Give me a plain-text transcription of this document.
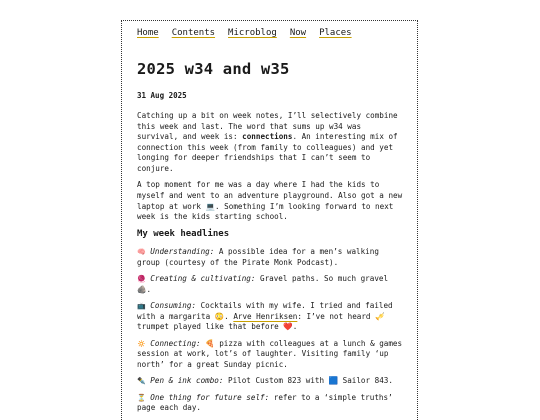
Home Contents Microblog Now Places
2025 w34 and w35
31 Aug 2025

Catching up a bit on week notes, I’ll selectively combine this week and last. The word that sums up w34 was survival, and week is: connections. An interesting mix of connection this week (from family to colleagues) and yet longing for deeper friendships that I can’t seem to conjure.

A top moment for me was a day where I had the kids to myself and went to an adventure playground. Also got a new laptop at work 💻. Something I’m looking forward to next week is the kids starting school.

My week headlines

🧠 Understanding: A possible idea for a men’s walking group (courtesy of the Pirate Monk Podcast).

🧶 Creating & cultivating: Gravel paths. So much gravel 🪨.

📺 Consuming: Cocktails with my wife. I tried and failed with a margarita 😳. Arve Henriksen: I’ve not heard 🎺 trumpet played like that before ❤️.

🔅 Connecting: 🍕 pizza with colleagues at a lunch & games session at work, lot’s of laughter. Visiting family ‘up north’ for a great Sunday picnic.

✒️ Pen & ink combo: Pilot Custom 823 with 🟦 Sailor 843.

⏳ One thing for future self: refer to a ‘simple truths’ page each day.
